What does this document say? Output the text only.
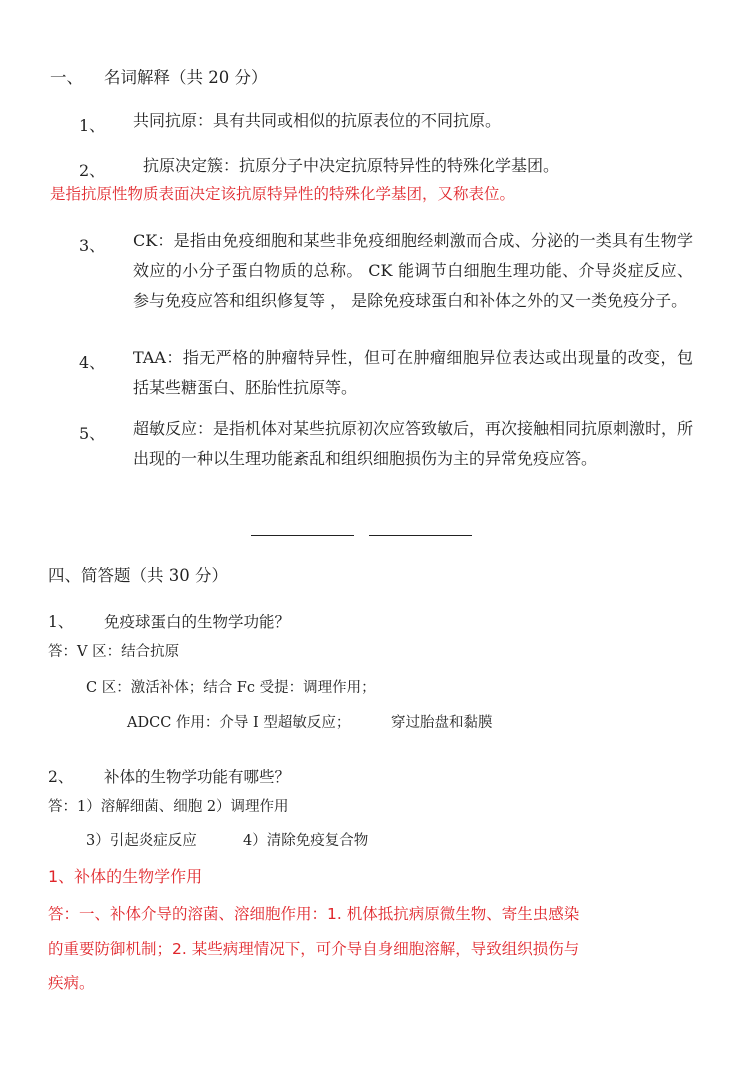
一、 名词解释（共 20 分）
1、 共同抗原：具有共同或相似的抗原表位的不同抗原。
2、 抗原决定簇：抗原分子中决定抗原特异性的特殊化学基团。
是指抗原性物质表面决定该抗原特异性的特殊化学基团，又称表位。
3、 CK：是指由免疫细胞和某些非免疫细胞经刺激而合成、分泌的一类具有生物学效应的小分子蛋白物质的总称。 CK 能调节白细胞生理功能、介导炎症反应、参与免疫应答和组织修复等 ， 是除免疫球蛋白和补体之外的又一类免疫分子。
4、 TAA：指无严格的肿瘤特异性，但可在肿瘤细胞异位表达或出现量的改变，包括某些糖蛋白、胚胎性抗原等。
5、 超敏反应：是指机体对某些抗原初次应答致敏后，再次接触相同抗原刺激时，所出现的一种以生理功能紊乱和组织细胞损伤为主的异常免疫应答。
四、简答题（共 30 分）
1、 免疫球蛋白的生物学功能？
答：V 区：结合抗原
C 区：激活补体；结合 Fc 受提：调理作用；
ADCC 作用：介导 I 型超敏反应；	穿过胎盘和黏膜
2、 补体的生物学功能有哪些？
答：1）溶解细菌、细胞 2）调理作用
3）引起炎症反应	4）清除免疫复合物
1、补体的生物学作用
答：一、补体介导的溶菌、溶细胞作用：1. 机体抵抗病原微生物、寄生虫感染
的重要防御机制；2. 某些病理情况下，可介导自身细胞溶解，导致组织损伤与
疾病。
